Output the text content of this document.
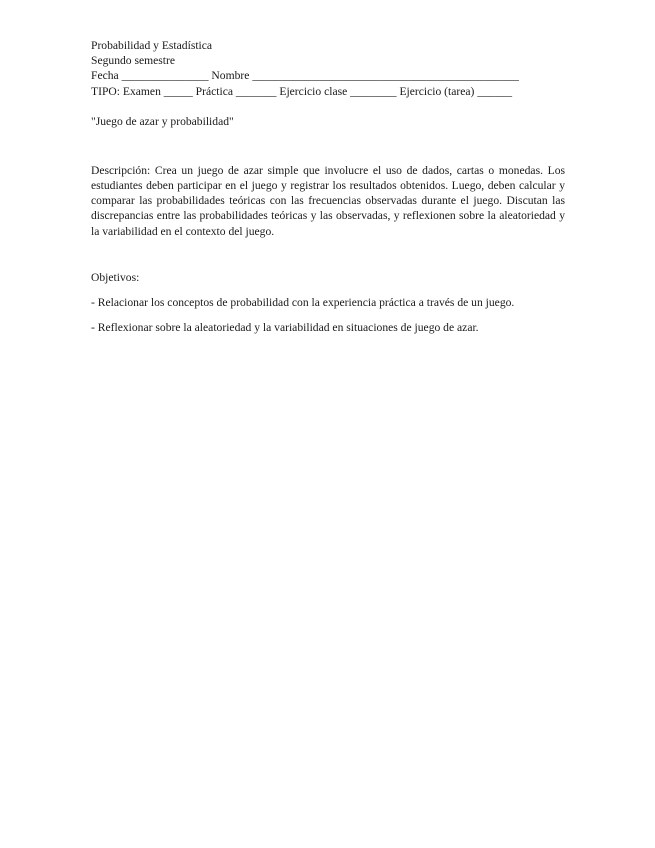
Probabilidad y Estadística
Segundo semestre
Fecha _______________ Nombre ______________________________________________
TIPO: Examen _____ Práctica _______ Ejercicio clase ________ Ejercicio (tarea) ______
"Juego de azar y probabilidad"
Descripción: Crea un juego de azar simple que involucre el uso de dados, cartas o monedas. Los estudiantes deben participar en el juego y registrar los resultados obtenidos. Luego, deben calcular y comparar las probabilidades teóricas con las frecuencias observadas durante el juego. Discutan las discrepancias entre las probabilidades teóricas y las observadas, y reflexionen sobre la aleatoriedad y la variabilidad en el contexto del juego.
Objetivos:
- Relacionar los conceptos de probabilidad con la experiencia práctica a través de un juego.
- Reflexionar sobre la aleatoriedad y la variabilidad en situaciones de juego de azar.
